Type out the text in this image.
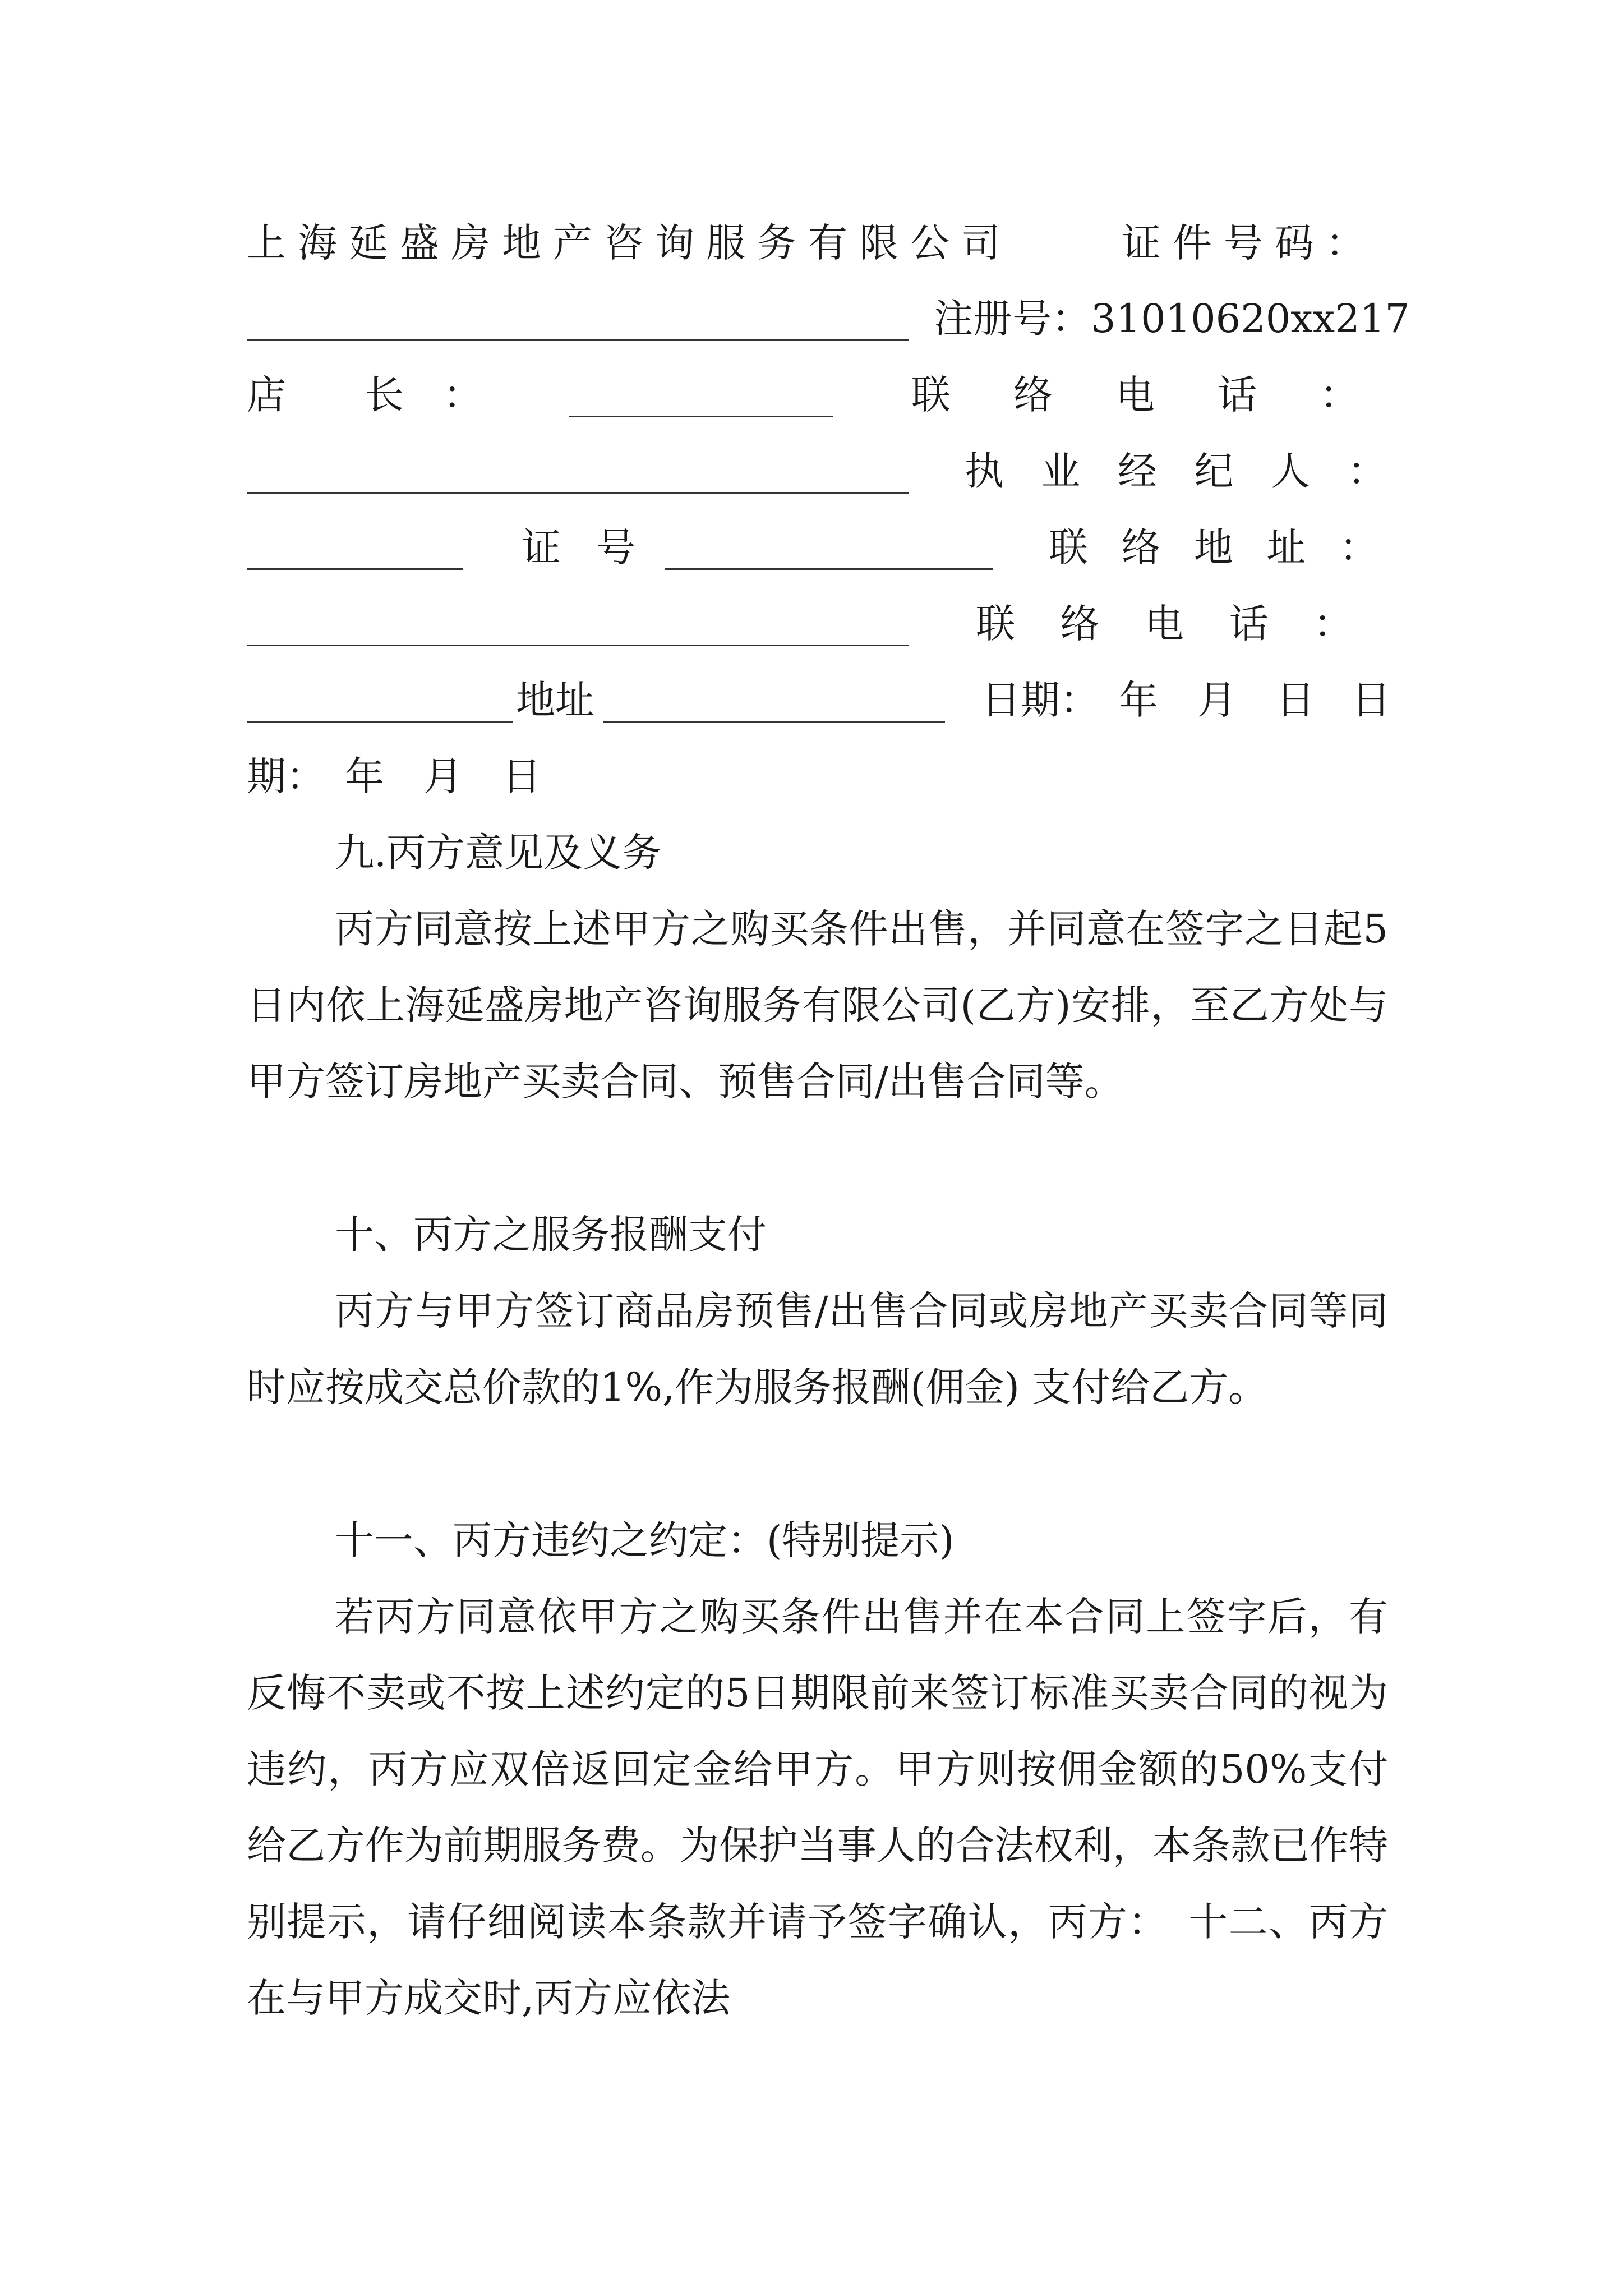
上海延盛房地产咨询服务有限公司	证件号码：
注册号：31010620xx217
店　　长　：	联络电话：
执业经纪人：
证号	联络地址：
联络电话：
地址	日期：　年　月　日 日
期：　年　月　日
九.丙方意见及义务
丙方同意按上述甲方之购买条件出售，并同意在签字之日起5日内依上海延盛房地产咨询服务有限公司(乙方)安排，至乙方处与甲方签订房地产买卖合同、预售合同/出售合同等。
十、丙方之服务报酬支付
丙方与甲方签订商品房预售/出售合同或房地产买卖合同等同时应按成交总价款的1%,作为服务报酬(佣金) 支付给乙方。
十一、丙方违约之约定：(特别提示)
若丙方同意依甲方之购买条件出售并在本合同上签字后，有反悔不卖或不按上述约定的5日期限前来签订标准买卖合同的视为违约，丙方应双倍返回定金给甲方。甲方则按佣金额的50%支付给乙方作为前期服务费。为保护当事人的合法权利，本条款已作特别提示，请仔细阅读本条款并请予签字确认，丙方：　十二、丙方在与甲方成交时,丙方应依法
